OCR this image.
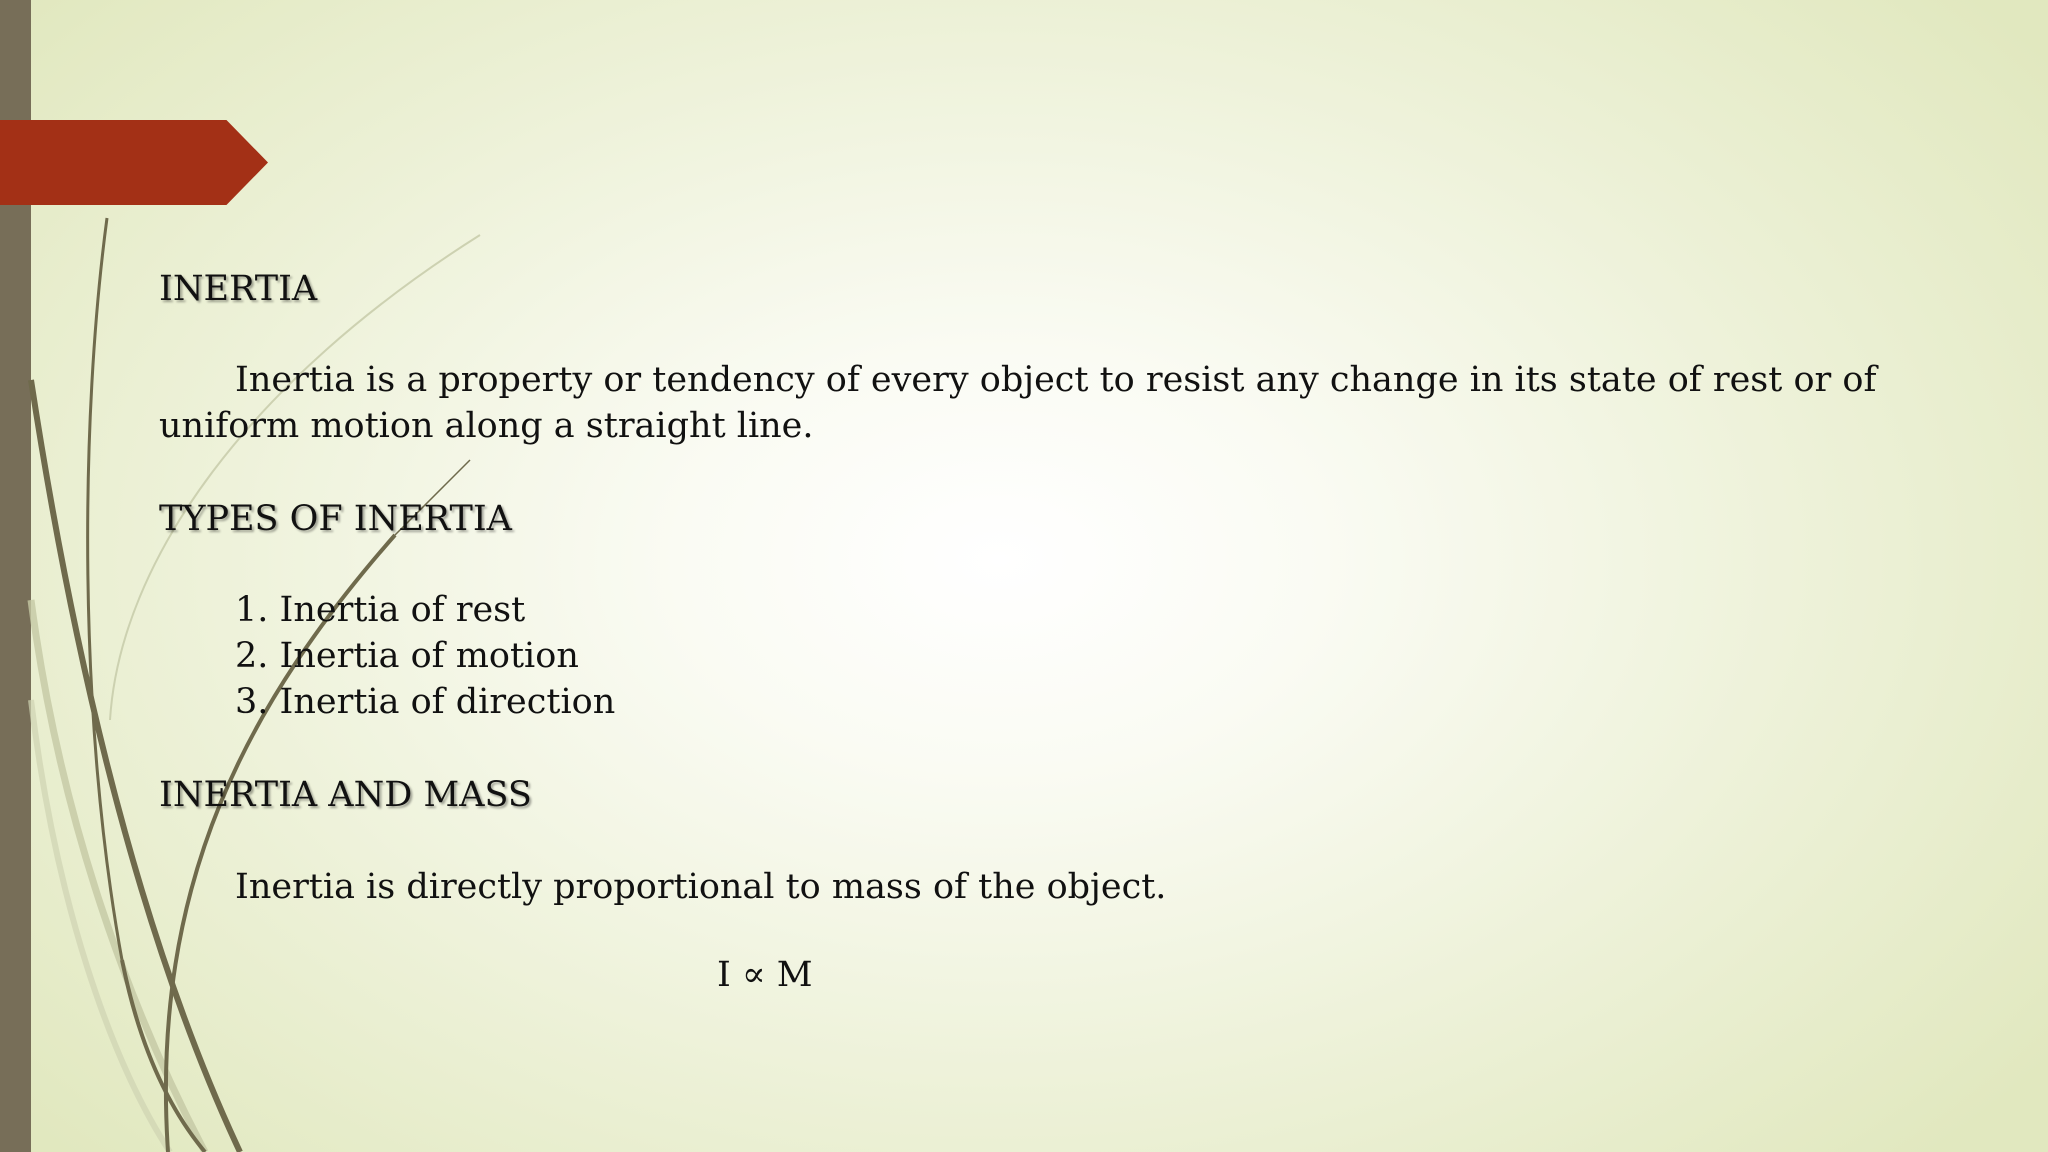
INERTIA

Inertia is a property or tendency of every object to resist any change in its state of rest or of uniform motion along a straight line.

TYPES OF INERTIA
1. Inertia of rest
2. Inertia of motion
3. Inertia of direction
INERTIA AND MASS

Inertia is directly proportional to mass of the object.

I ∝ M
